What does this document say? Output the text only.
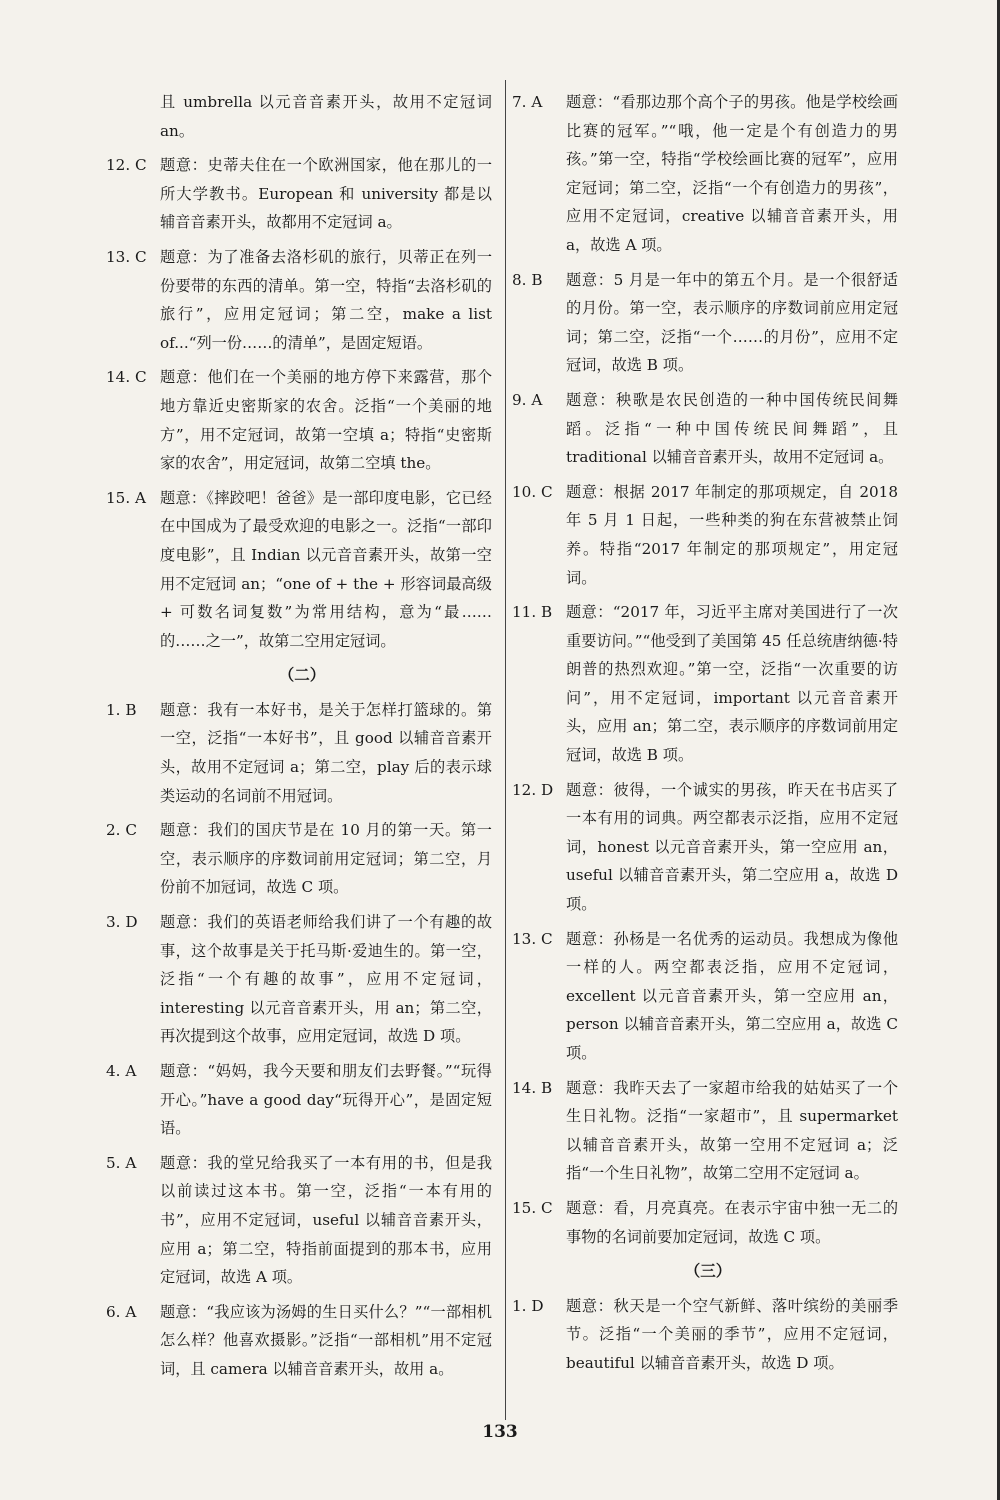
且 umbrella 以元音音素开头，故用不定冠词 an。
12. C 题意：史蒂夫住在一个欧洲国家，他在那儿的一所大学教书。European 和 university 都是以辅音音素开头，故都用不定冠词 a。
13. C 题意：为了准备去洛杉矶的旅行，贝蒂正在列一份要带的东西的清单。第一空，特指“去洛杉矶的旅行”，应用定冠词；第二空，make a list of...“列一份……的清单”，是固定短语。
14. C 题意：他们在一个美丽的地方停下来露营，那个地方靠近史密斯家的农舍。泛指“一个美丽的地方”，用不定冠词，故第一空填 a；特指“史密斯家的农舍”，用定冠词，故第二空填 the。
15. A 题意：《摔跤吧！爸爸》是一部印度电影，它已经在中国成为了最受欢迎的电影之一。泛指“一部印度电影”，且 Indian 以元音音素开头，故第一空用不定冠词 an；“one of + the + 形容词最高级 + 可数名词复数”为常用结构，意为“最……的……之一”，故第二空用定冠词。
（二）
1. B	题意：我有一本好书，是关于怎样打篮球的。第一空，泛指“一本好书”，且 good 以辅音音素开头，故用不定冠词 a；第二空，play 后的表示球类运动的名词前不用冠词。
2. C	题意：我们的国庆节是在 10 月的第一天。第一空，表示顺序的序数词前用定冠词；第二空，月份前不加冠词，故选 C 项。
3. D	题意：我们的英语老师给我们讲了一个有趣的故事，这个故事是关于托马斯·爱迪生的。第一空，泛指“一个有趣的故事”，应用不定冠词，interesting 以元音音素开头，用 an；第二空，再次提到这个故事，应用定冠词，故选 D 项。
4. A	题意：“妈妈，我今天要和朋友们去野餐。”“玩得开心。”have a good day“玩得开心”，是固定短语。
5. A	题意：我的堂兄给我买了一本有用的书，但是我以前读过这本书。第一空，泛指“一本有用的书”，应用不定冠词，useful 以辅音音素开头，应用 a；第二空，特指前面提到的那本书，应用定冠词，故选 A 项。
6. A	题意：“我应该为汤姆的生日买什么？”“一部相机怎么样？他喜欢摄影。”泛指“一部相机”用不定冠词，且 camera 以辅音音素开头，故用 a。
7. A	题意：“看那边那个高个子的男孩。他是学校绘画比赛的冠军。”“哦，他一定是个有创造力的男孩。”第一空，特指“学校绘画比赛的冠军”，应用定冠词；第二空，泛指“一个有创造力的男孩”，应用不定冠词，creative 以辅音音素开头，用 a，故选 A 项。
8. B	题意：5 月是一年中的第五个月。是一个很舒适的月份。第一空，表示顺序的序数词前应用定冠词；第二空，泛指“一个……的月份”，应用不定冠词，故选 B 项。
9. A	题意：秧歌是农民创造的一种中国传统民间舞蹈。泛指“一种中国传统民间舞蹈”，且 traditional 以辅音音素开头，故用不定冠词 a。
10. C 题意：根据 2017 年制定的那项规定，自 2018 年 5 月 1 日起，一些种类的狗在东营被禁止饲养。特指“2017 年制定的那项规定”，用定冠词。
11. B 题意：“2017 年，习近平主席对美国进行了一次重要访问。”“他受到了美国第 45 任总统唐纳德·特朗普的热烈欢迎。”第一空，泛指“一次重要的访问”，用不定冠词，important 以元音音素开头，应用 an；第二空，表示顺序的序数词前用定冠词，故选 B 项。
12. D 题意：彼得，一个诚实的男孩，昨天在书店买了一本有用的词典。两空都表示泛指，应用不定冠词，honest 以元音音素开头，第一空应用 an，useful 以辅音音素开头，第二空应用 a，故选 D 项。
13. C 题意：孙杨是一名优秀的运动员。我想成为像他一样的人。两空都表泛指，应用不定冠词，excellent 以元音音素开头，第一空应用 an，person 以辅音音素开头，第二空应用 a，故选 C 项。
14. B 题意：我昨天去了一家超市给我的姑姑买了一个生日礼物。泛指“一家超市”，且 supermarket 以辅音音素开头，故第一空用不定冠词 a；泛指“一个生日礼物”，故第二空用不定冠词 a。
15. C 题意：看，月亮真亮。在表示宇宙中独一无二的事物的名词前要加定冠词，故选 C 项。
（三）
1. D	题意：秋天是一个空气新鲜、落叶缤纷的美丽季节。泛指“一个美丽的季节”，应用不定冠词，beautiful 以辅音音素开头，故选 D 项。
133
